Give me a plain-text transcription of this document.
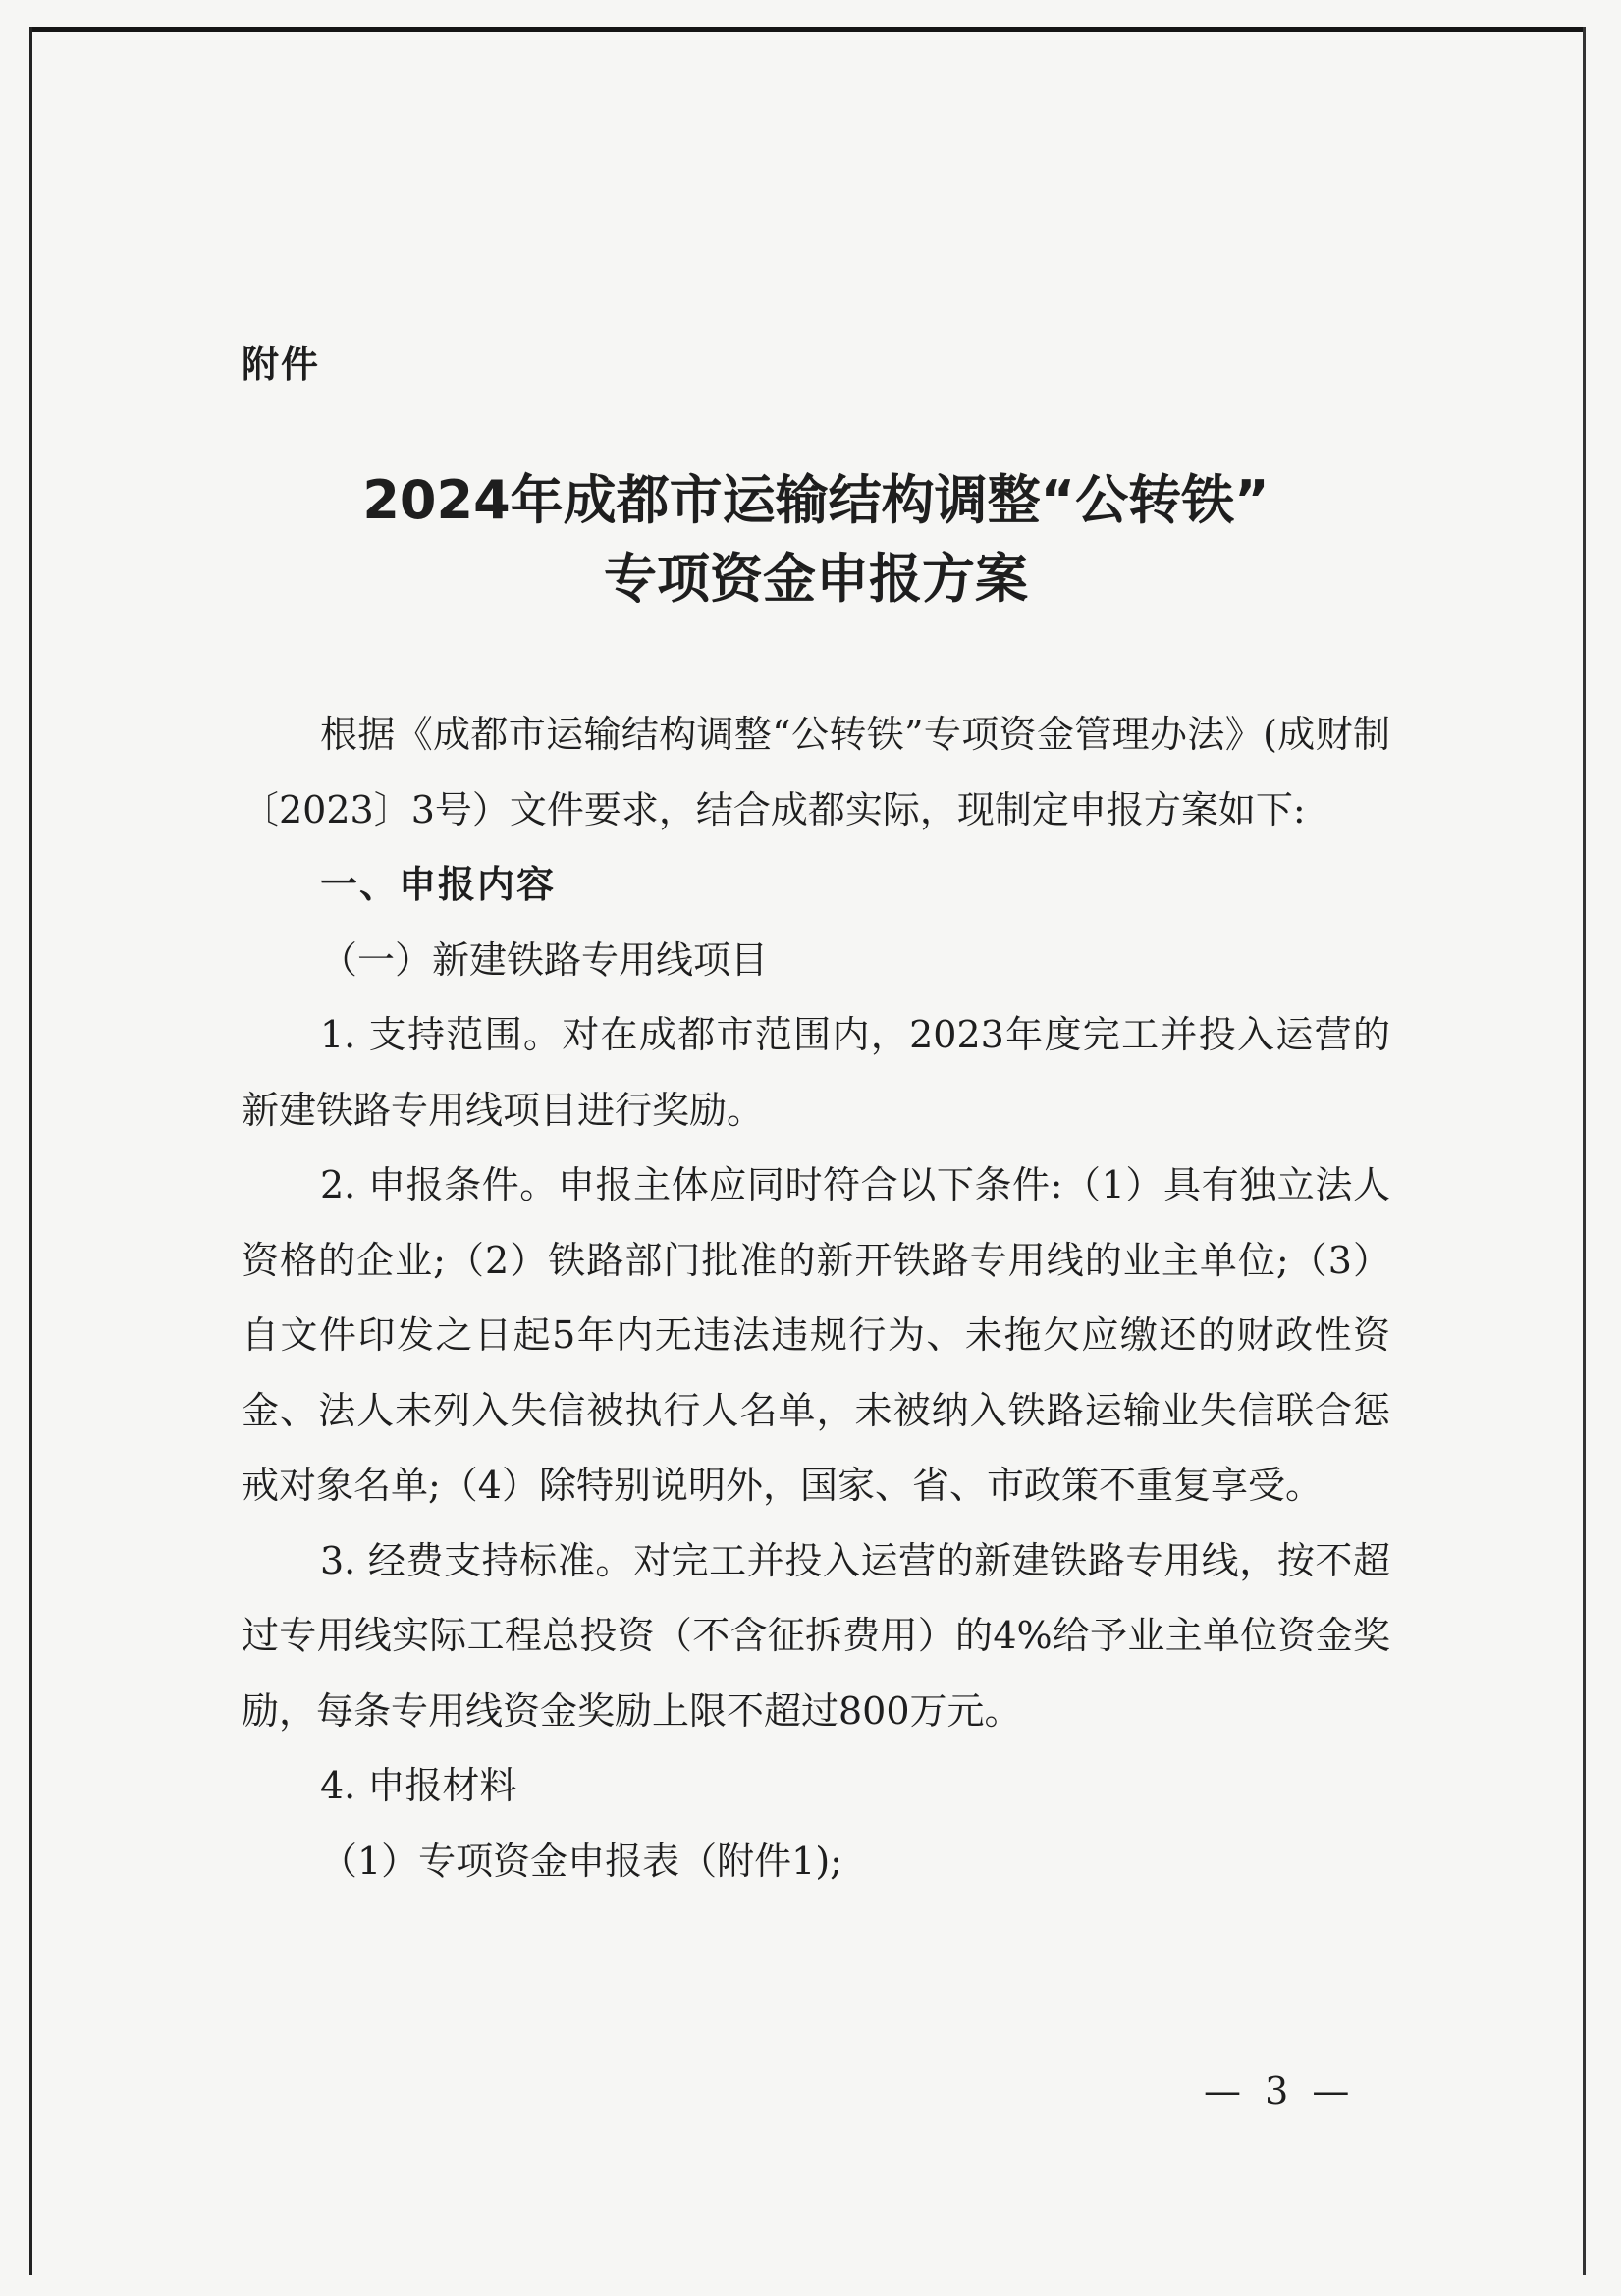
附件
2024年成都市运输结构调整“公转铁”
专项资金申报方案

根据《成都市运输结构调整“公转铁”专项资金管理办法》(成财制〔2023〕3号）文件要求，结合成都实际，现制定申报方案如下:

一、申报内容

（一）新建铁路专用线项目

1. 支持范围。对在成都市范围内，2023年度完工并投入运营的新建铁路专用线项目进行奖励。

2. 申报条件。申报主体应同时符合以下条件:（1）具有独立法人资格的企业;（2）铁路部门批准的新开铁路专用线的业主单位;（3）自文件印发之日起5年内无违法违规行为、未拖欠应缴还的财政性资金、法人未列入失信被执行人名单，未被纳入铁路运输业失信联合惩戒对象名单;（4）除特别说明外，国家、省、市政策不重复享受。

3. 经费支持标准。对完工并投入运营的新建铁路专用线，按不超过专用线实际工程总投资（不含征拆费用）的4%给予业主单位资金奖励，每条专用线资金奖励上限不超过800万元。

4. 申报材料

（1）专项资金申报表（附件1);

— 3 —
